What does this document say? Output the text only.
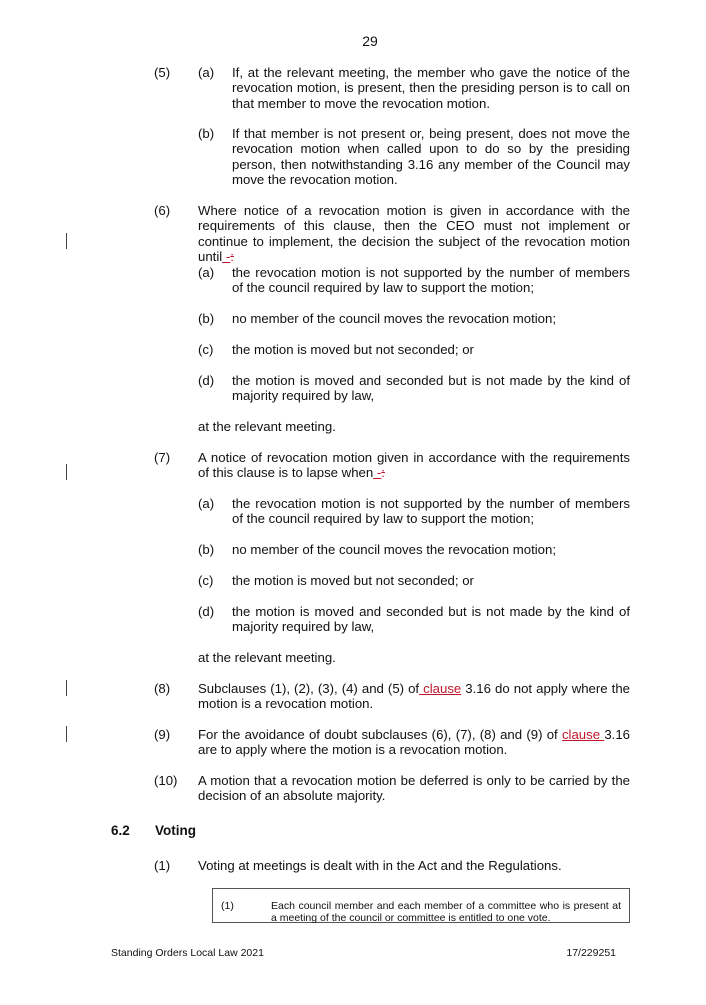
29
(5) (a) If, at the relevant meeting, the member who gave the notice of the revocation motion, is present, then the presiding person is to call on that member to move the revocation motion.
(b) If that member is not present or, being present, does not move the revocation motion when called upon to do so by the presiding person, then notwithstanding 3.16 any member of the Council may move the revocation motion.
(6) Where notice of a revocation motion is given in accordance with the requirements of this clause, then the CEO must not implement or continue to implement, the decision the subject of the revocation motion until -:
(a) the revocation motion is not supported by the number of members of the council required by law to support the motion;
(b) no member of the council moves the revocation motion;
(c) the motion is moved but not seconded; or
(d) the motion is moved and seconded but is not made by the kind of majority required by law,
at the relevant meeting.
(7) A notice of revocation motion given in accordance with the requirements of this clause is to lapse when -:
(a) the revocation motion is not supported by the number of members of the council required by law to support the motion;
(b) no member of the council moves the revocation motion;
(c) the motion is moved but not seconded; or
(d) the motion is moved and seconded but is not made by the kind of majority required by law,
at the relevant meeting.
(8) Subclauses (1), (2), (3), (4) and (5) of clause 3.16 do not apply where the motion is a revocation motion.
(9) For the avoidance of doubt subclauses (6), (7), (8) and (9) of clause 3.16 are to apply where the motion is a revocation motion.
(10) A motion that a revocation motion be deferred is only to be carried by the decision of an absolute majority.
6.2 Voting
(1) Voting at meetings is dealt with in the Act and the Regulations.
(1)	Each council member and each member of a committee who is present at a meeting of the council or committee is entitled to one vote.
Standing Orders Local Law 2021	17/229251
